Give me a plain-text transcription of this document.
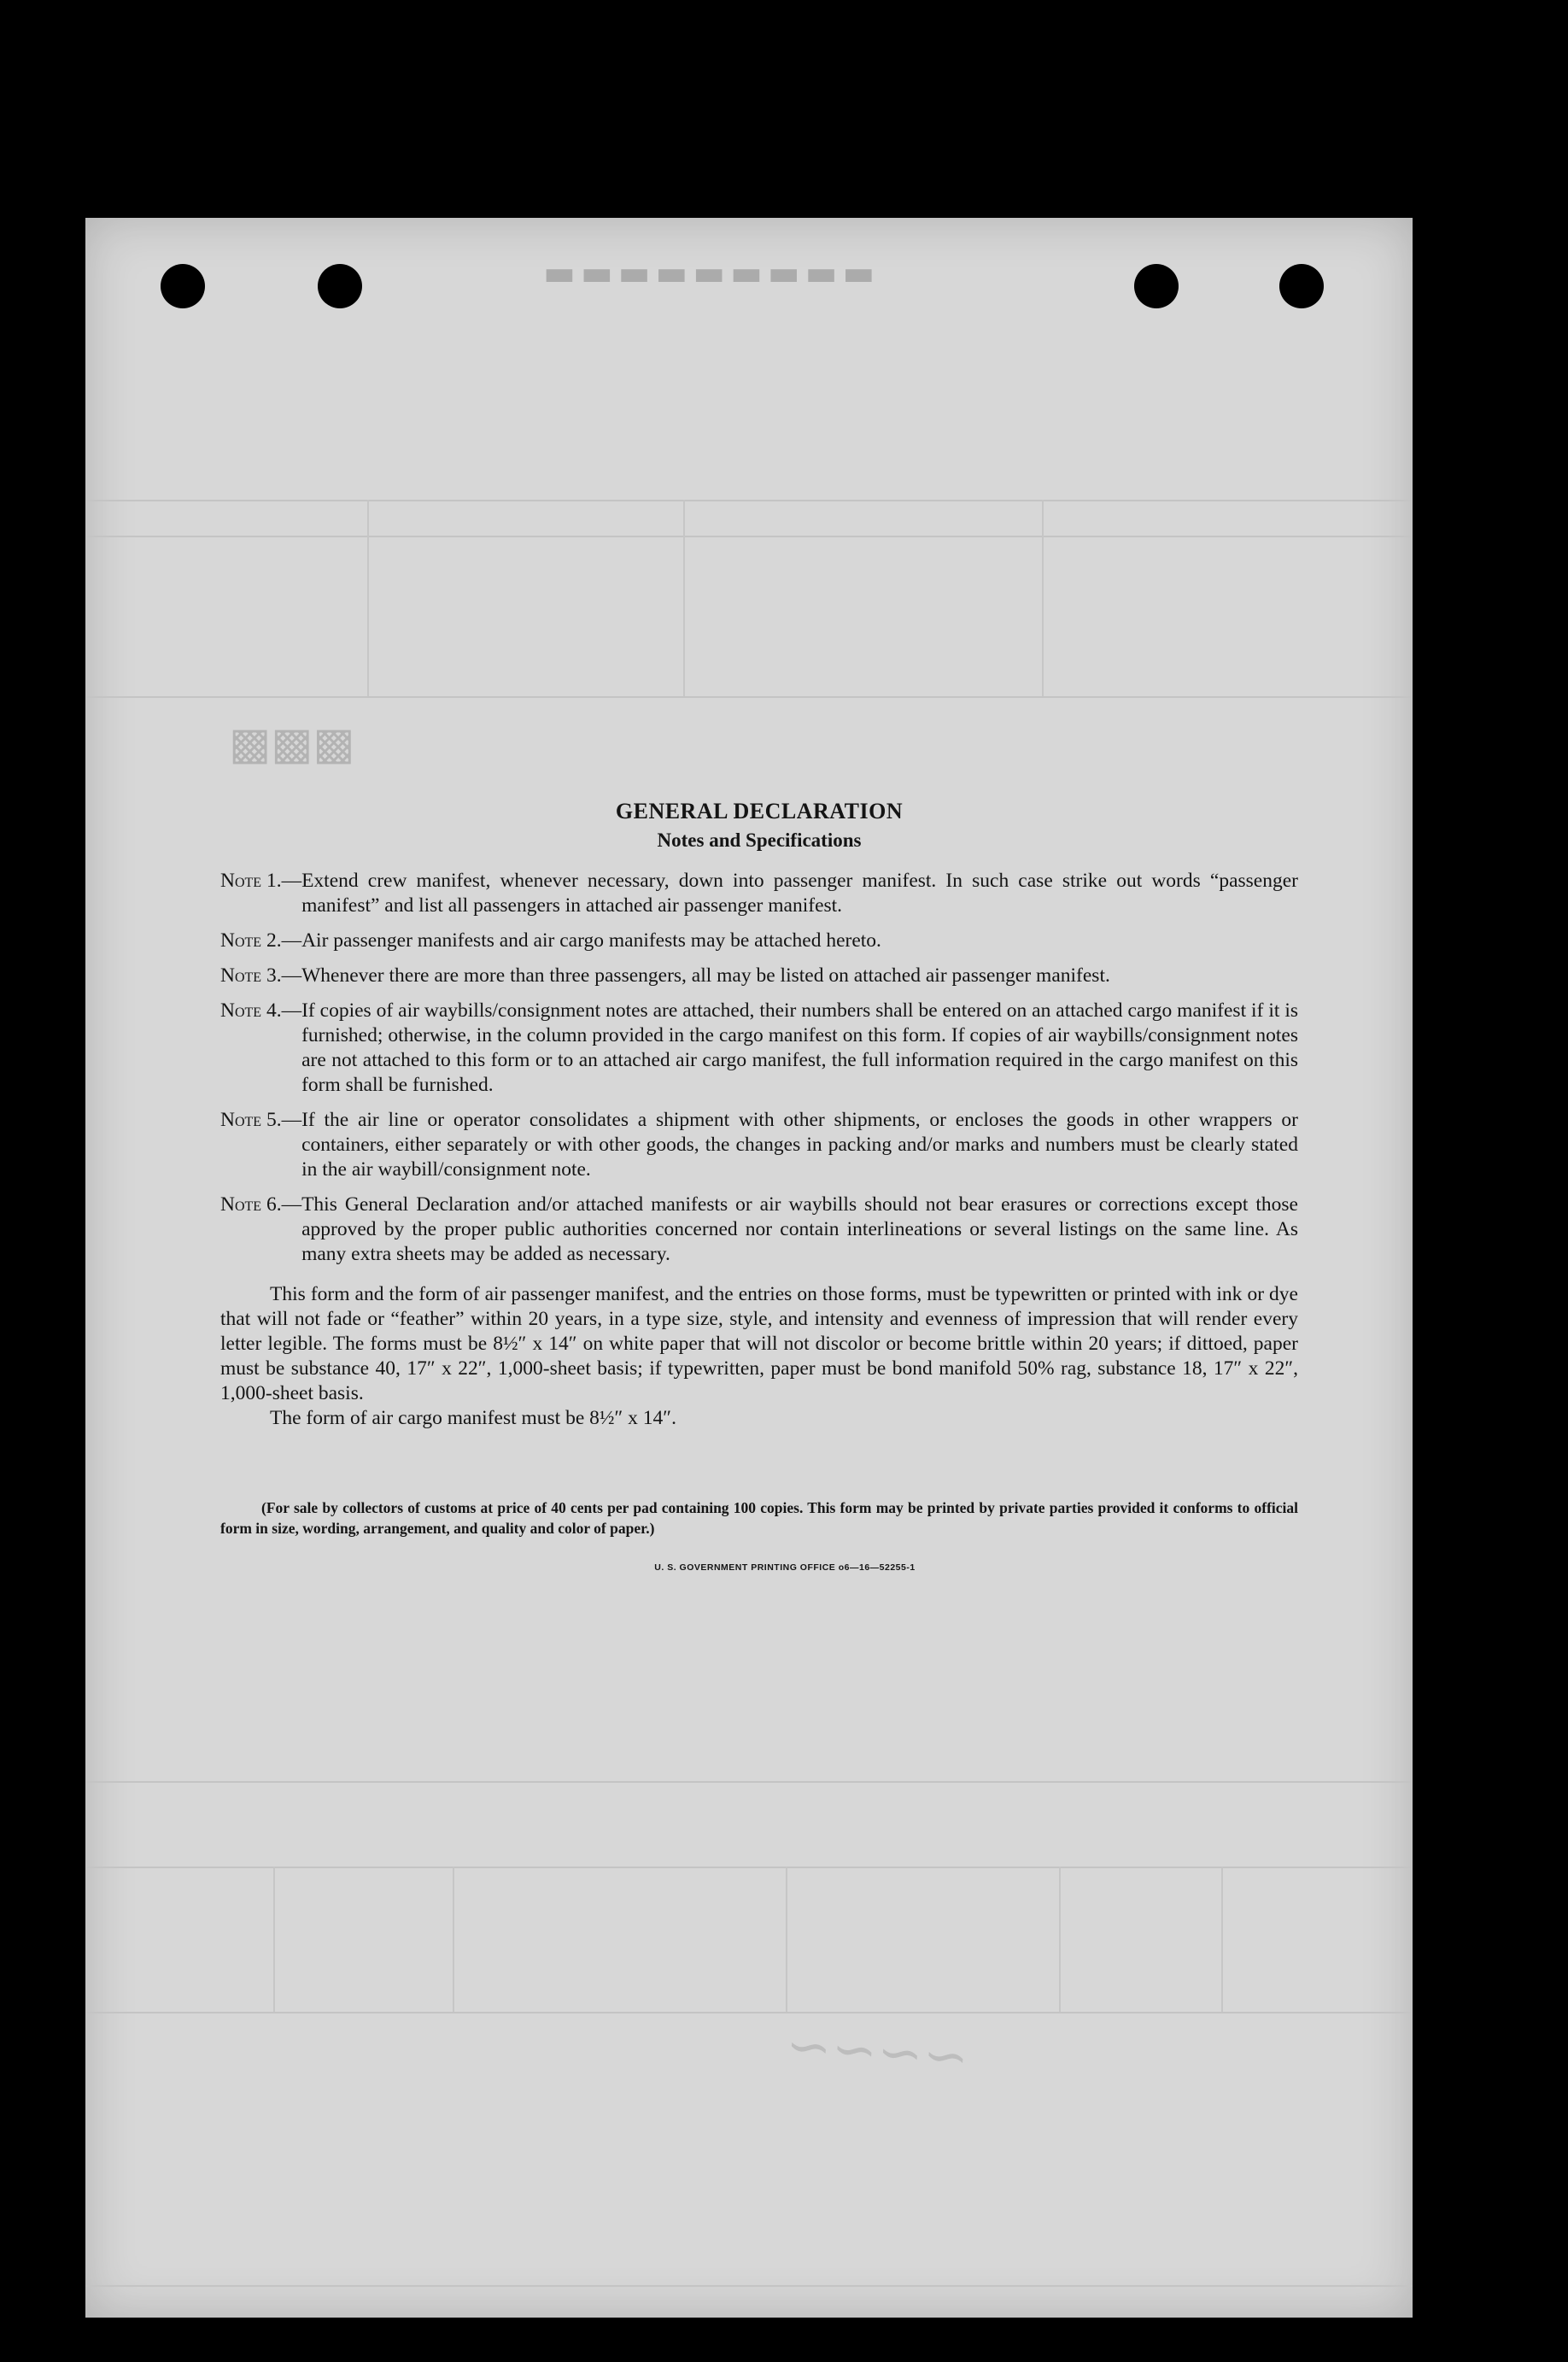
▬▬▬▬▬▬▬▬▬
▩▩▩
~~~~

GENERAL DECLARATION

Notes and Specifications

Note 1.— Extend crew manifest, whenever necessary, down into passenger manifest. In such case strike out words “passenger manifest” and list all passengers in attached air passenger manifest.
Note 2.— Air passenger manifests and air cargo manifests may be attached hereto.
Note 3.— Whenever there are more than three passengers, all may be listed on attached air passenger manifest.
Note 4.— If copies of air waybills/consignment notes are attached, their numbers shall be entered on an attached cargo manifest if it is furnished; otherwise, in the column provided in the cargo manifest on this form. If copies of air waybills/consignment notes are not attached to this form or to an attached air cargo manifest, the full information required in the cargo manifest on this form shall be furnished.
Note 5.— If the air line or operator consolidates a shipment with other shipments, or encloses the goods in other wrappers or containers, either separately or with other goods, the changes in packing and/or marks and numbers must be clearly stated in the air waybill/consignment note.
Note 6.— This General Declaration and/or attached manifests or air waybills should not bear erasures or corrections except those approved by the proper public authorities concerned nor contain interlineations or several listings on the same line. As many extra sheets may be added as necessary.

This form and the form of air passenger manifest, and the entries on those forms, must be typewritten or printed with ink or dye that will not fade or “feather” within 20 years, in a type size, style, and intensity and evenness of impression that will render every letter legible. The forms must be 8½″ x 14″ on white paper that will not discolor or become brittle within 20 years; if dittoed, paper must be substance 40, 17″ x 22″, 1,000-sheet basis; if typewritten, paper must be bond manifold 50% rag, substance 18, 17″ x 22″, 1,000-sheet basis.

The form of air cargo manifest must be 8½″ x 14″.

(For sale by collectors of customs at price of 40 cents per pad containing 100 copies. This form may be printed by private parties provided it conforms to official form in size, wording, arrangement, and quality and color of paper.)

U. S. GOVERNMENT PRINTING OFFICE o6—16—52255-1
